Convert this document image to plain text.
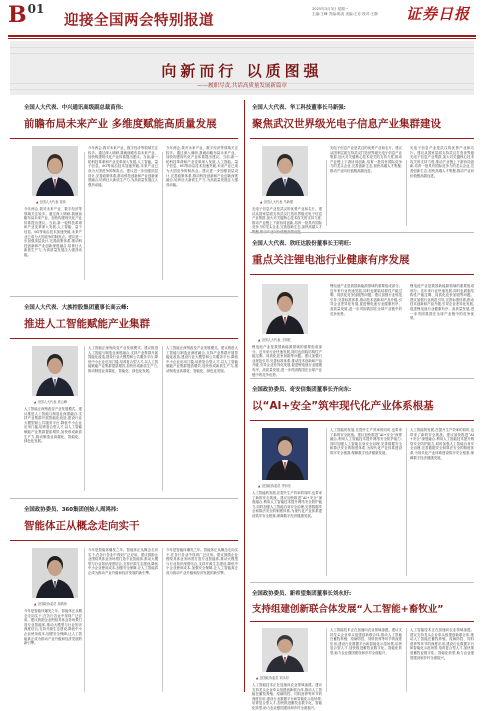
$B^{01}$
迎接全国两会特别报道
2025年3月3日 星期一
主编:王峰 责编:陈炎 美编:王亦 校对:王静	证券日报
向新而行 以质图强
——履职尽责,共话高质量发展新篇章
全国人大代表、中兴通讯高级副总裁苗伟:
前瞻布局未来产业 多维度赋能高质量发展
▲ 全国人大代表 苗伟
今年两会,我对未来产业、数字经济等领域关注较多。通过深入调研,我就前瞻布局未来产业、加快构建现代化产业体系提出建议。当前,新一轮科技革命和产业变革深入发展,人工智能、量子信息、6G等前沿技术加速突破,未来产业已成为大国竞争的制高点。建议进一步加强顶层设计,完善政策体系,推动科技创新和产业创新深度融合,培育壮大新质生产力,为高质量发展注入强劲动能。
今年两会,我对未来产业、数字经济等领域关注较多。通过深入调研,我就前瞻布局未来产业、加快构建现代化产业体系提出建议。当前,新一轮科技革命和产业变革深入发展,人工智能、量子信息、6G等前沿技术加速突破,未来产业已成为大国竞争的制高点。建议进一步加强顶层设计,完善政策体系,推动科技创新和产业创新深度融合,培育壮大新质生产力,为高质量发展注入强劲动能。
今年两会,我对未来产业、数字经济等领域关注较多。通过深入调研,我就前瞻布局未来产业、加快构建现代化产业体系提出建议。当前,新一轮科技革命和产业变革深入发展,人工智能、量子信息、6G等前沿技术加速突破,未来产业已成为大国竞争的制高点。建议进一步加强顶层设计,完善政策体系,推动科技创新和产业创新深度融合,培育壮大新质生产力,为高质量发展注入强劲动能。
全国人大代表、华工科技董事长马新强:
聚焦武汉世界级光电子信息产业集群建设
▲ 全国人大代表 马新强
光电子信息产业是武汉的优势产业和名片。建议从国家层面支持武汉打造世界级光电子信息产业集群,加大对关键核心技术攻关的支持力度,推动产业链上下游协同创新,培育一批具有国际竞争力的龙头企业,完善创新生态,加快高端人才
光电子信息产业是武汉的优势产业和名片。建议从国家层面支持武汉打造世界级光电子信息产业集群,加大对关键核心技术攻关的支持力度,推动产业链上下游协同创新,培育一批具有国际竞争力的龙头企业,完善创新生态,加快高端人才集聚,推动产业向价值链高端迈进。
光电子信息产业是武汉的优势产业和名片。建议从国家层面支持武汉打造世界级光电子信息产业集群,加大对关键核心技术攻关的支持力度,推动产业链上下游协同创新,培育一批具有国际竞争力的龙头企业,完善创新生态,加快高端人才集聚,推动产业向价值链高端迈进。
全国人大代表、欣旺达股份董事长王明旺:
重点关注锂电池行业健康有序发展
▲ 全国人大代表 王明旺
锂电池产业是我国新能源领域的重要组成部分。近年来行业快速发展,同时也面临结构性产能过剩、同质化竞争加剧等问题。建议加强行业规范引导,完善标准体系,推动技术创新和产品升级,引导企业差异化发展,促进锂电池行业健康有序、高质量发展,进一步巩固我国在全球产业链中的竞争优势。
锂电池产业是我国新能源领域的重要组成部分。近年来行业快速发展,同时也面临结构性产能过剩、同质化竞争加剧等问题。建议加强行业规范引导,完善标准体系,推动技术创新和产品升级,引导企业差异化发展,促进锂电池行业健康有序、高质量发展,进一步巩固我国在全球产业链中的竞争优势。
锂电池产业是我国新能源领域的重要组成部分。近年来行业快速发展,同时也面临结构性产能过剩、同质化竞争加剧等问题。建议加强行业规范引导,完善标准体系,推动技术创新和产品升级,引导企业差异化发展,促进锂电池行业健康有序、高质量发展,进一步巩固我国在全球产业链中的竞争优势。
全国人大代表、大族控股集团董事长高云峰:
推进人工智能赋能产业集群
▲ 全国人大代表 高云峰
人工智能正深刻改变产业发展模式。建议推进人工智能与制造业深度融合,支持产业集群开展智能化改造,建设行业大模型和公共服务平台,降低中小企业应用门槛,培养复合型人才,以人工智能赋能产业集群提质增效,加快形成新质生产力,推动制造业高端化、智能化、绿色化发展。
人工智能正深刻改变产业发展模式。建议推进人工智能与制造业深度融合,支持产业集群开展智能化改造,建设行业大模型和公共服务平台,降低中小企业应用门槛,培养复合型人才,以人工智能赋能产业集群提质增效,加快形成新质生产力,推动制造业高端化、智能化、绿色化发展。
人工智能正深刻改变产业发展模式。建议推进人工智能与制造业深度融合,支持产业集群开展智能化改造,建设行业大模型和公共服务平台,降低中小企业应用门槛,培养复合型人才,以人工智能赋能产业集群提质增效,加快形成新质生产力,推动制造业高端化、智能化、绿色化发展。
全国政协委员、奇安信集团董事长齐向东:
以“AI+安全”筑牢现代化产业体系根基
▲ 全国政协委员 齐向东
人工智能的发展,在提升生产效率的同时,也带来了新的安全挑战。建议加快推进“AI+安全”深度融合,利用人工智能技术提升网络安全防护能力,同时加强人工智能自身安全治理,完善数据安全和算法安全的制度体系,为现代化产业体系建设筑牢安全根基,保障数字经济健康发展。
人工智能的发展,在提升生产效率的同时,也带来了新的安全挑战。建议加快推进“AI+安全”深度融合,利用人工智能技术提升网络安全防护能力,同时加强人工智能自身安全治理,完善数据安全和算法安全的制度体系,为现代化产业体系建设筑牢安全根基,保障数字经济健康发展。
人工智能的发展,在提升生产效率的同时,也带来了新的安全挑战。建议加快推进“AI+安全”深度融合,利用人工智能技术提升网络安全防护能力,同时加强人工智能自身安全治理,完善数据安全和算法安全的制度体系,为现代化产业体系建设筑牢安全根基,保障数字经济健康发展。
全国政协委员、360集团创始人周鸿祎:
智能体正从概念走向实干
▲ 全国政协委员 周鸿祎
今年是智能体爆发之年。智能体正从概念走向实干,在各行各业中得到广泛应用。建议鼓励企业围绕具体业务场景打造专业智能体,推动大模型与行业知识深度结合,支持开源生态建设,降低中小企业使用成本,加强安全保障,让人工智能真正成为推动产业升级和经济发展的新引擎。
今年是智能体爆发之年。智能体正从概念走向实干,在各行各业中得到广泛应用。建议鼓励企业围绕具体业务场景打造专业智能体,推动大模型与行业知识深度结合,支持开源生态建设,降低中小企业使用成本,加强安全保障,让人工智能真正成为推动产业升级和经济发展的新引擎。
今年是智能体爆发之年。智能体正从概念走向实干,在各行各业中得到广泛应用。建议鼓励企业围绕具体业务场景打造专业智能体,推动大模型与行业知识深度结合,支持开源生态建设,降低中小企业使用成本,加强安全保障,让人工智能真正成为推动产业升级和经济发展的新引擎。
全国政协委员、新希望集团董事长刘永好:
支持组建创新联合体发展“人工智能+畜牧业”
▲ 全国政协委员 刘永好
人工智能技术正在加速向农业领域渗透。建议支持龙头企业牵头组建创新联合体,推动人工智能在畜牧养殖、疫病防控、饲料营养等环节的深度应用,建设行业数据平台和智能化示范场景,培育复合型人才,加快推进畜牧业数字化、智能化转型,助力农业强国建设和乡村全面振兴。
人工智能技术正在加速向农业领域渗透。建议支持龙头企业牵头组建创新联合体,推动人工智能在畜牧养殖、疫病防控、饲料营养等环节的深度应用,建设行业数据平台和智能化示范场景,培育复合型人才,加快推进畜牧业数字化、智能化转型,助力农业强国建设和乡村全面振兴。
人工智能技术正在加速向农业领域渗透。建议支持龙头企业牵头组建创新联合体,推动人工智能在畜牧养殖、疫病防控、饲料营养等环节的深度应用,建设行业数据平台和智能化示范场景,培育复合型人才,加快推进畜牧业数字化、智能化转型,助力农业强国建设和乡村全面振兴。
